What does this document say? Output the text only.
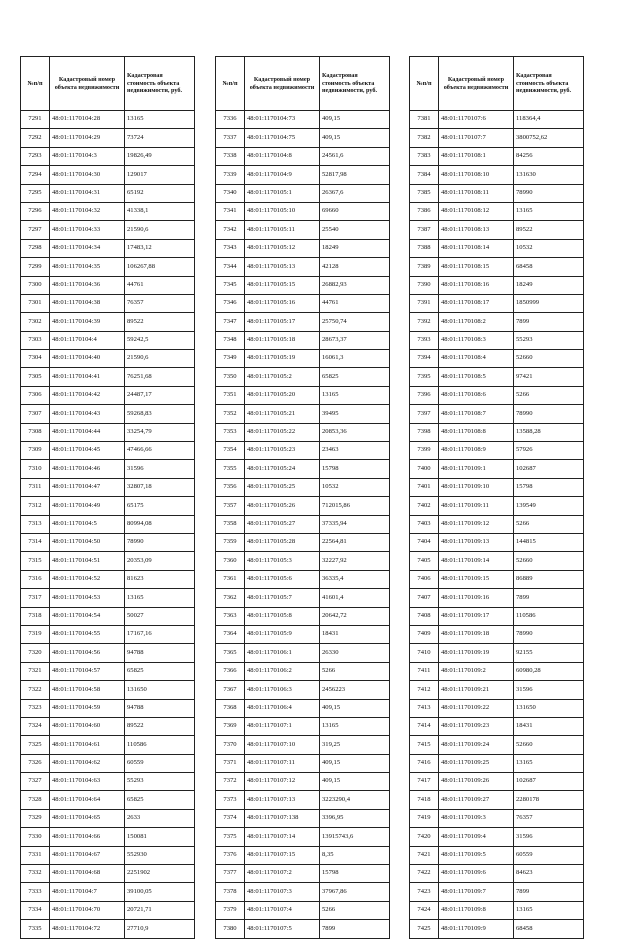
№п/п	Кадастровый номер объекта недвижимости	Кадастровая стоимость объекта недвижимости, руб.
7291	48:01:1170104:28	13165
7292	48:01:1170104:29	73724
7293	48:01:1170104:3	19826,49
7294	48:01:1170104:30	129017
7295	48:01:1170104:31	65192
7296	48:01:1170104:32	41338,1
7297	48:01:1170104:33	21590,6
7298	48:01:1170104:34	17483,12
7299	48:01:1170104:35	106267,88
7300	48:01:1170104:36	44761
7301	48:01:1170104:38	76357
7302	48:01:1170104:39	89522
7303	48:01:1170104:4	59242,5
7304	48:01:1170104:40	21590,6
7305	48:01:1170104:41	76251,68
7306	48:01:1170104:42	24487,17
7307	48:01:1170104:43	59268,83
7308	48:01:1170104:44	33254,79
7309	48:01:1170104:45	47466,66
7310	48:01:1170104:46	31596
7311	48:01:1170104:47	32807,18
7312	48:01:1170104:49	65175
7313	48:01:1170104:5	80994,08
7314	48:01:1170104:50	78990
7315	48:01:1170104:51	20353,09
7316	48:01:1170104:52	81623
7317	48:01:1170104:53	13165
7318	48:01:1170104:54	50027
7319	48:01:1170104:55	17167,16
7320	48:01:1170104:56	94788
7321	48:01:1170104:57	65825
7322	48:01:1170104:58	131650
7323	48:01:1170104:59	94788
7324	48:01:1170104:60	89522
7325	48:01:1170104:61	110586
7326	48:01:1170104:62	60559
7327	48:01:1170104:63	55293
7328	48:01:1170104:64	65825
7329	48:01:1170104:65	2633
7330	48:01:1170104:66	150081
7331	48:01:1170104:67	552930
7332	48:01:1170104:68	2251902
7333	48:01:1170104:7	39100,05
7334	48:01:1170104:70	20721,71
7335	48:01:1170104:72	27710,9
№п/п	Кадастровый номер объекта недвижимости	Кадастровая стоимость объекта недвижимости, руб.
7336	48:01:1170104:73	409,15
7337	48:01:1170104:75	409,15
7338	48:01:1170104:8	24561,6
7339	48:01:1170104:9	52817,98
7340	48:01:1170105:1	26367,6
7341	48:01:1170105:10	69660
7342	48:01:1170105:11	25540
7343	48:01:1170105:12	18249
7344	48:01:1170105:13	42128
7345	48:01:1170105:15	26882,93
7346	48:01:1170105:16	44761
7347	48:01:1170105:17	25750,74
7348	48:01:1170105:18	28673,37
7349	48:01:1170105:19	16061,3
7350	48:01:1170105:2	65825
7351	48:01:1170105:20	13165
7352	48:01:1170105:21	39495
7353	48:01:1170105:22	20853,36
7354	48:01:1170105:23	23463
7355	48:01:1170105:24	15798
7356	48:01:1170105:25	10532
7357	48:01:1170105:26	712015,86
7358	48:01:1170105:27	37335,94
7359	48:01:1170105:28	22564,81
7360	48:01:1170105:3	32227,92
7361	48:01:1170105:6	36335,4
7362	48:01:1170105:7	41601,4
7363	48:01:1170105:8	20642,72
7364	48:01:1170105:9	18431
7365	48:01:1170106:1	26330
7366	48:01:1170106:2	5266
7367	48:01:1170106:3	2456223
7368	48:01:1170106:4	409,15
7369	48:01:1170107:1	13165
7370	48:01:1170107:10	319,25
7371	48:01:1170107:11	409,15
7372	48:01:1170107:12	409,15
7373	48:01:1170107:13	3223290,4
7374	48:01:1170107:138	3396,95
7375	48:01:1170107:14	13915743,6
7376	48:01:1170107:15	8,35
7377	48:01:1170107:2	15798
7378	48:01:1170107:3	37967,86
7379	48:01:1170107:4	5266
7380	48:01:1170107:5	7899
№п/п	Кадастровый номер объекта недвижимости	Кадастровая стоимость объекта недвижимости, руб.
7381	48:01:1170107:6	118364,4
7382	48:01:1170107:7	3800752,62
7383	48:01:1170108:1	84256
7384	48:01:1170108:10	131630
7385	48:01:1170108:11	78990
7386	48:01:1170108:12	13165
7387	48:01:1170108:13	89522
7388	48:01:1170108:14	10532
7389	48:01:1170108:15	68458
7390	48:01:1170108:16	18249
7391	48:01:1170108:17	1850999
7392	48:01:1170108:2	7899
7393	48:01:1170108:3	55293
7394	48:01:1170108:4	52660
7395	48:01:1170108:5	97421
7396	48:01:1170108:6	5266
7397	48:01:1170108:7	78990
7398	48:01:1170108:8	13588,28
7399	48:01:1170108:9	57926
7400	48:01:1170109:1	102687
7401	48:01:1170109:10	15798
7402	48:01:1170109:11	139549
7403	48:01:1170109:12	5266
7404	48:01:1170109:13	144815
7405	48:01:1170109:14	52660
7406	48:01:1170109:15	86889
7407	48:01:1170109:16	7899
7408	48:01:1170109:17	110586
7409	48:01:1170109:18	78990
7410	48:01:1170109:19	92155
7411	48:01:1170109:2	60980,28
7412	48:01:1170109:21	31596
7413	48:01:1170109:22	131650
7414	48:01:1170109:23	18431
7415	48:01:1170109:24	52660
7416	48:01:1170109:25	13165
7417	48:01:1170109:26	102687
7418	48:01:1170109:27	2280178
7419	48:01:1170109:3	76357
7420	48:01:1170109:4	31596
7421	48:01:1170109:5	60559
7422	48:01:1170109:6	84623
7423	48:01:1170109:7	7899
7424	48:01:1170109:8	13165
7425	48:01:1170109:9	68458
